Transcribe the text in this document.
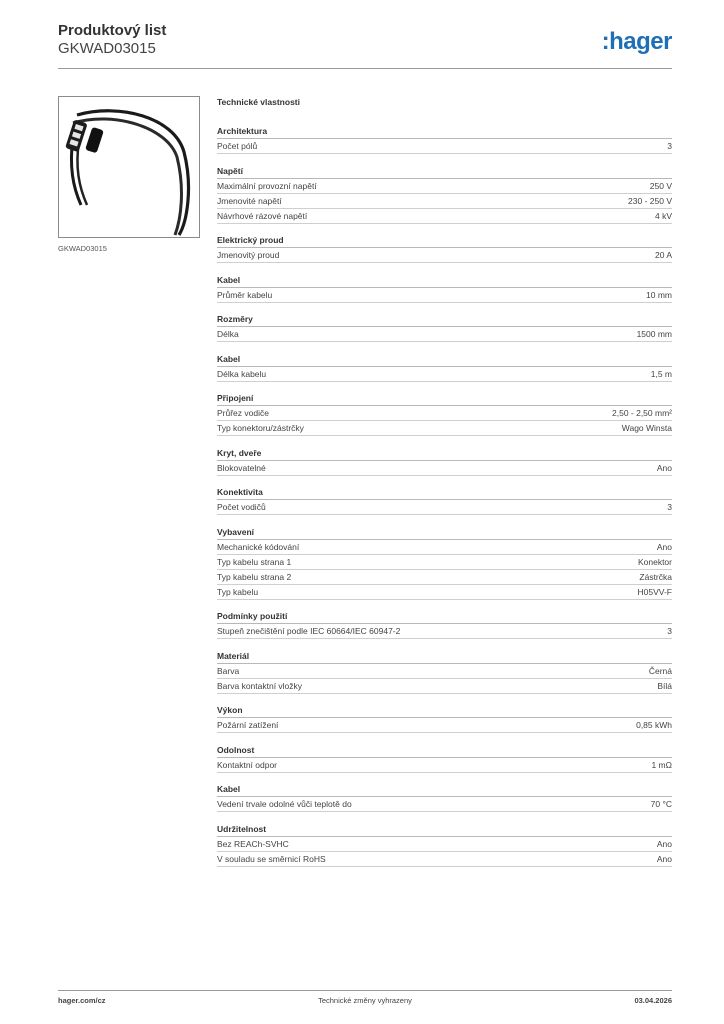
Produktový list
GKWAD03015	:hager
GKWAD03015
Technické vlastnosti
Architektura
Počet pólů	3
Napětí
Maximální provozní napětí	250 V
Jmenovité napětí	230 - 250 V
Návrhové rázové napětí	4 kV
Elektrický proud
Jmenovitý proud	20 A
Kabel
Průměr kabelu	10 mm
Rozměry
Délka	1500 mm
Kabel
Délka kabelu	1,5 m
Připojení
Průřez vodiče	2,50 - 2,50 mm²
Typ konektoru/zástrčky	Wago Winsta
Kryt, dveře
Blokovatelné	Ano
Konektivita
Počet vodičů	3
Vybavení
Mechanické kódování	Ano
Typ kabelu strana 1	Konektor
Typ kabelu strana 2	Zástrčka
Typ kabelu	H05VV-F
Podmínky použití
Stupeň znečištění podle IEC 60664/IEC 60947-2	3
Materiál
Barva	Černá
Barva kontaktní vložky	Bílá
Výkon
Požární zatížení	0,85 kWh
Odolnost
Kontaktní odpor	1 mΩ
Kabel
Vedení trvale odolné vůči teplotě do	70 °C
Udržitelnost
Bez REACh-SVHC	Ano
V souladu se směrnicí RoHS	Ano
hager.com/cz	Technické změny vyhrazeny	03.04.2026
